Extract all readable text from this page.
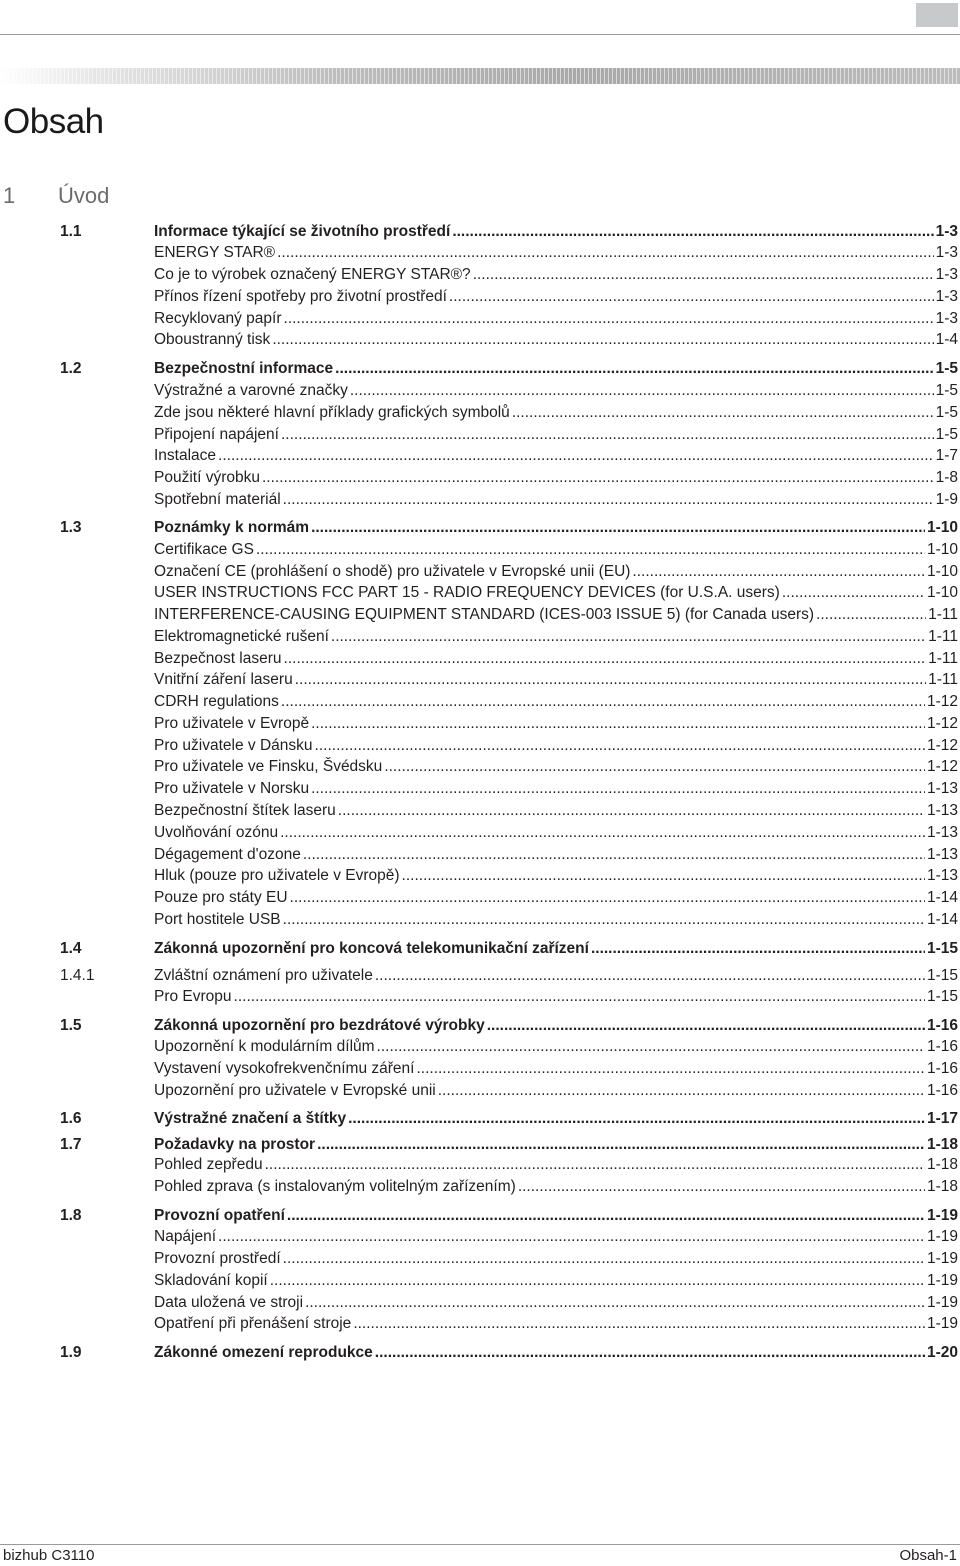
Obsah
1 Úvod
1.1	Informace týkající se životního prostředí .....	1-3
ENERGY STAR® .....	1-3
Co je to výrobek označený ENERGY STAR®? .....	1-3
Přínos řízení spotřeby pro životní prostředí .....	1-3
Recyklovaný papír .....	1-3
Oboustranný tisk .....	1-4
1.2	Bezpečnostní informace .....	1-5
Výstražné a varovné značky .....	1-5
Zde jsou některé hlavní příklady grafických symbolů .....	1-5
Připojení napájení .....	1-5
Instalace .....	1-7
Použití výrobku .....	1-8
Spotřební materiál .....	1-9
1.3	Poznámky k normám .....	1-10
Certifikace GS .....	1-10
Označení CE (prohlášení o shodě) pro uživatele v Evropské unii (EU) .....	1-10
USER INSTRUCTIONS FCC PART 15 - RADIO FREQUENCY DEVICES (for U.S.A. users) .....	1-10
INTERFERENCE-CAUSING EQUIPMENT STANDARD (ICES-003 ISSUE 5) (for Canada users) .....	1-11
Elektromagnetické rušení .....	1-11
Bezpečnost laseru .....	1-11
Vnitřní záření laseru .....	1-11
CDRH regulations .....	1-12
Pro uživatele v Evropě .....	1-12
Pro uživatele v Dánsku .....	1-12
Pro uživatele ve Finsku, Švédsku .....	1-12
Pro uživatele v Norsku .....	1-13
Bezpečnostní štítek laseru .....	1-13
Uvolňování ozónu .....	1-13
Dégagement d'ozone .....	1-13
Hluk (pouze pro uživatele v Evropě) .....	1-13
Pouze pro státy EU .....	1-14
Port hostitele USB .....	1-14
1.4	Zákonná upozornění pro koncová telekomunikační zařízení .....	1-15
1.4.1	Zvláštní oznámení pro uživatele .....	1-15
Pro Evropu .....	1-15
1.5	Zákonná upozornění pro bezdrátové výrobky .....	1-16
Upozornění k modulárním dílům .....	1-16
Vystavení vysokofrekvenčnímu záření .....	1-16
Upozornění pro uživatele v Evropské unii .....	1-16
1.6	Výstražné značení a štítky .....	1-17
1.7	Požadavky na prostor .....	1-18
Pohled zepředu .....	1-18
Pohled zprava (s instalovaným volitelným zařízením) .....	1-18
1.8	Provozní opatření .....	1-19
Napájení .....	1-19
Provozní prostředí .....	1-19
Skladování kopií .....	1-19
Data uložená ve stroji .....	1-19
Opatření při přenášení stroje .....	1-19
1.9	Zákonné omezení reprodukce .....	1-20
bizhub C3110	Obsah-1
